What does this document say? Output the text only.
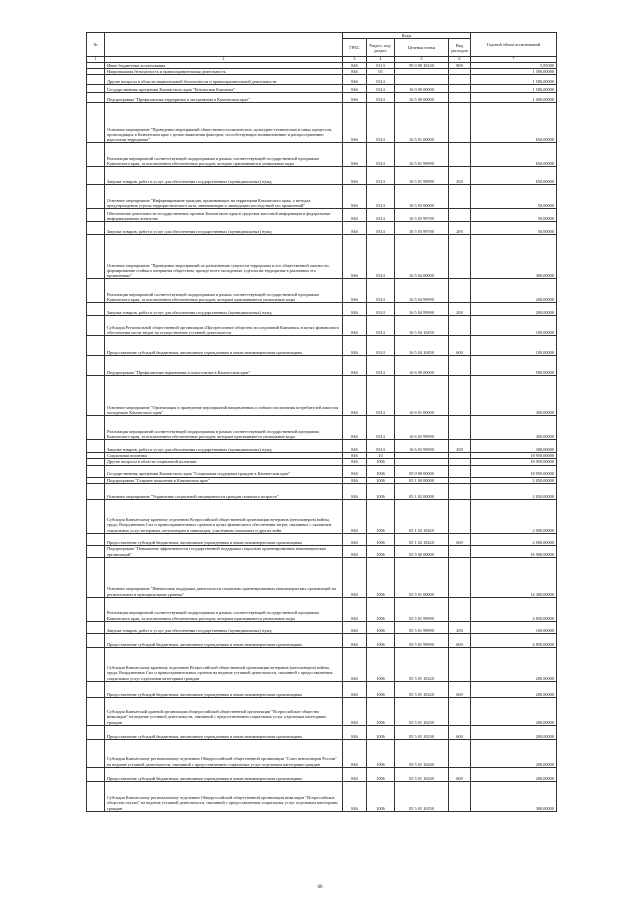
№		Коды				Годовой объем ассигнований
		ГРБС	Раздел, под-раздел	Целевая статья	Вид расходов	
1	2	3	4	5	6	7
	Иные бюджетные ассигнования	846	0113	99 0 00 10140	800	5,85000
	Национальная безопасность и правоохранительная деятельность	846	03			1 500,00000
	Другие вопросы в области национальной безопасности и правоохранительной деятельности	846	0314			1 500,00000
	Государственная программа Камчатского края "Безопасная Камчатка"	846	0314	16 0 00 00000		1 500,00000
	Подпрограмма "Профилактика терроризма и экстремизма в Камчатском крае"	846	0314	16 5 00 00000		1 000,00000
	Основное мероприятие "Проведение мероприятий общественно-политических, культурно-технических и иных процессов, происходящих в Камчатском крае с целью выявления факторов, способствующих возникновению и распространению идеологии терроризма"	846	0314	16 5 01 00000		650,00000
	Реализация мероприятий соответствующей подпрограммы в рамках соответствующей государственной программы Камчатского края, за исключением обеспеченных расходов, которые присваиваются уникальные коды	846	0314	16 5 01 99990		650,00000
	Закупка товаров, работ и услуг для обеспечения государственных (муниципальных) нужд	846	0314	16 5 01 99990	200	650,00000
	Основное мероприятие "Информирование граждан, проживающих на территории Камчатского края, о методах предупреждения угрозы террористического акта, минимизации и ликвидации последствий его проявлений"	846	0314	16 5 03 00000		50,00000
	Обеспечение деятельности государственных органов Камчатского края в средствах массовой информации и федеральные информационные агентства	846	0314	16 5 03 99700		50,00000
	Закупка товаров, работ и услуг для обеспечения государственных (муниципальных) нужд	846	0314	16 5 03 99700	200	50,00000
	Основное мероприятие "Проведение мероприятий по разъяснению сущности терроризма и его общественной опасности, формированию стойкого неприятия обществом, прежде всего молодежью, идеологии терроризма в различных его проявлениях"	846	0314	16 5 04 00000		300,00000
	Реализация мероприятий соответствующей подпрограммы в рамках соответствующей государственной программы Камчатского края, за исключением обеспеченных расходов, которым присваиваются уникальные коды	846	0314	16 5 04 99990		200,00000
	Закупка товаров, работ и услуг для обеспечения государственных (муниципальных) нужд	846	0314	16 5 04 99990	200	200,00000
	Субсидия Региональной общественной организации «Прогрессивное общество исследований Камчатки» в целях финансового обеспечения части затрат на осуществление уставной деятельности	846	0314	16 5 04 10450		100,00000
	Предоставление субсидий бюджетным, автономным учреждениям и иным некоммерческим организациям	846	0314	16 5 04 10450	600	100,00000
	Подпрограмма "Профилактика наркомании и алкоголизма в Камчатском крае"	846	0314	16 6 00 00000		500,00000
	Основное мероприятие "Организация и проведение мероприятий направленных и гибкого воспитания потребителей алкоголя молодежью Камчатского края"	846	0314	16 6 01 00000		300,00000
	Реализация мероприятий соответствующей подпрограммы в рамках соответствующей государственной программы Камчатского края, за исключением обеспеченных расходов, которым присваиваются уникальные коды	846	0314	16 6 03 99990		300,00000
	Закупка товаров, работ и услуг для обеспечения государственных (муниципальных) нужд	846	0314	16 6 03 99990	200	300,00000
	Социальная политика	846	10			18 950,00000
	Другие вопросы в области социальной политики	846	1006			18 950,00000
	Государственная программа Камчатского края "Социальная поддержка граждан в Камчатском крае"	846	1006	05 0 00 00000		18 950,00000
	Подпрограмма "Старшее поколение в Камчатском крае"	846	1006	05 1 00 00000		2 050,00000
	Основное мероприятие "Управление социальной защищенности граждан пожилого возраста"	846	1006	05 1 02 00000		2 050,00000
	Субсидия Камчатскому краевому отделению Всероссийской общественной организации ветеранов (пенсионеров) войны, труда, Вооруженных Сил и правоохранительных органов в целях финансового обеспечения затрат, связанных с оказанием социальных услуг ветеранам, пенсионерам и инвалидам, участникам локальных и других войн	846	1006	05 1 02 10420		2 000,00000
	Предоставление субсидий бюджетным, автономным учреждениям и иным некоммерческим организациям	846	1006	05 1 02 10420	600	2 000,00000
	Подпрограмма "Повышение эффективности государственной поддержки социально ориентированных некоммерческих организаций"	846	1006	05 5 00 00000		16 900,00000
	Основное мероприятие "Финансовая поддержка деятельности социально ориентированных некоммерческих организаций на региональном и муниципальном уровнях"	846	1006	05 5 01 00000		14 300,00000
	Реализация мероприятий соответствующей подпрограммы в рамках соответствующей государственной программы Камчатского края, за исключением обеспеченных расходов, которым присваиваются уникальные коды	846	1006	05 5 01 99990		4 850,00000
	Закупка товаров, работ и услуг для обеспечения государственных (муниципальных) нужд	846	1006	05 5 01 99990	200	100,00000
	Предоставление субсидий бюджетным, автономным учреждениям и иным некоммерческим организациям	846	1006	05 5 01 99990	600	4 850,00000
	Субсидия Камчатскому краевому отделению Всероссийской общественной организации ветеранов (пенсионеров) войны, труда, Вооруженных Сил и правоохранительных органов на ведение уставной деятельности, связанной с предоставлением социальных услуг отдельным категориям граждан	846	1006	05 5 01 10220		200,00000
	Предоставление субсидий бюджетным, автономным учреждениям и иным некоммерческим организациям	846	1006	05 5 01 10220	600	200,00000
	Субсидия Камчатской краевой организации общероссийской общественной организации "Всероссийское общество инвалидов" на ведение уставной деятельности, связанной с предоставлением социальных услуг отдельным категориям граждан	846	1006	05 5 01 10230		200,00000
	Предоставление субсидий бюджетным, автономным учреждениям и иным некоммерческим организациям	846	1006	05 5 01 10230	600	200,00000
	Субсидия Камчатскому региональному отделению Общероссийской общественной организации "Союз пенсионеров России" на ведение уставной деятельности, связанной с предоставлением социальных услуг отдельным категориям граждан	846	1006	05 5 01 10240		200,00000
	Предоставление субсидий бюджетным, автономным учреждениям и иным некоммерческим организациям	846	1006	05 5 01 10240	600	200,00000
	Субсидия Камчатскому региональному отделению Общероссийской общественной организации инвалидов "Всероссийское общество глухих" на ведение уставной деятельности, связанной с предоставлением социальных услуг отдельным категориям граждан	846	1006	05 5 01 10250		300,00000
60
